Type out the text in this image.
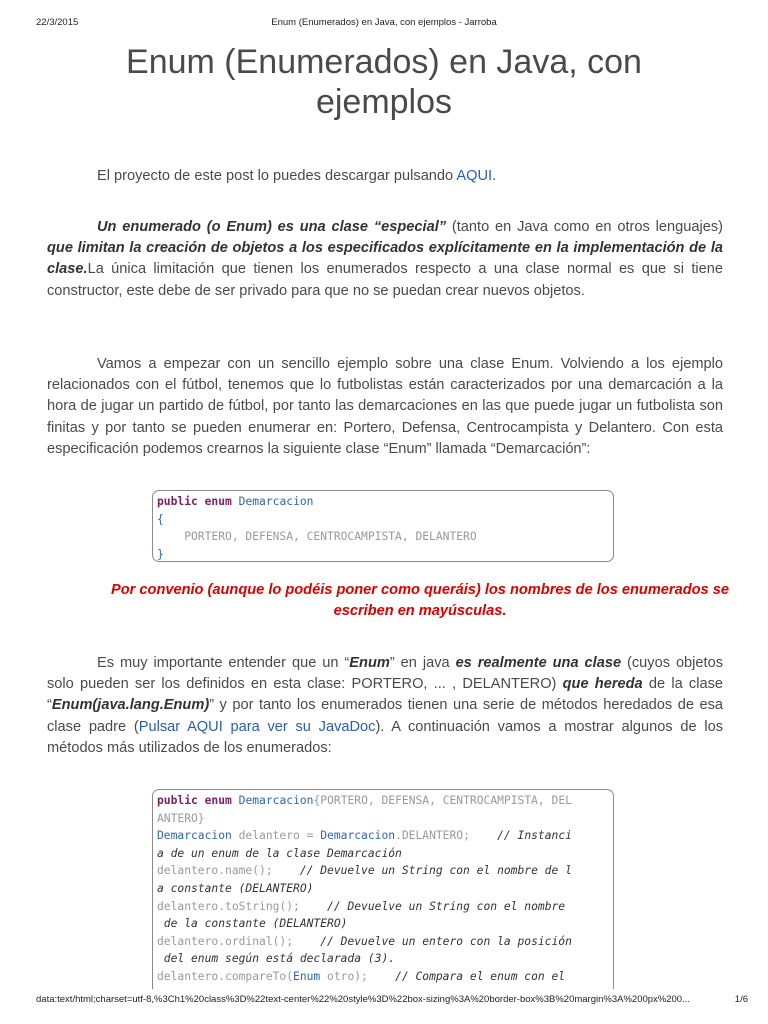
22/3/2015	Enum (Enumerados) en Java, con ejemplos - Jarroba
Enum (Enumerados) en Java, con ejemplos

El proyecto de este post lo puedes descargar pulsando AQUI.

Un enumerado (o Enum) es una clase “especial” (tanto en Java como en otros lenguajes) que limitan la creación de objetos a los especificados explícitamente en la implementación de la clase.La única limitación que tienen los enumerados respecto a una clase normal es que si tiene constructor, este debe de ser privado para que no se puedan crear nuevos objetos.

Vamos a empezar con un sencillo ejemplo sobre una clase Enum. Volviendo a los ejemplo relacionados con el fútbol, tenemos que lo futbolistas están caracterizados por una demarcación a la hora de jugar un partido de fútbol, por tanto las demarcaciones en las que puede jugar un futbolista son finitas y por tanto se pueden enumerar en: Portero, Defensa, Centrocampista y Delantero. Con esta especificación podemos crearnos la siguiente clase “Enum” llamada “Demarcación”:

public enum Demarcacion
{
PORTERO, DEFENSA, CENTROCAMPISTA, DELANTERO
}

Por convenio (aunque lo podéis poner como queráis) los nombres de los enumerados se escriben en mayúsculas.

Es muy importante entender que un “Enum” en java es realmente una clase (cuyos objetos solo pueden ser los definidos en esta clase: PORTERO, ... , DELANTERO) que hereda de la clase “Enum(java.lang.Enum)” y por tanto los enumerados tienen una serie de métodos heredados de esa clase padre (Pulsar AQUI para ver su JavaDoc). A continuación vamos a mostrar algunos de los métodos más utilizados de los enumerados:

public enum Demarcacion{PORTERO, DEFENSA, CENTROCAMPISTA, DEL
ANTERO}
Demarcacion delantero = Demarcacion.DELANTERO;    // Instanci
a de un enum de la clase Demarcación
delantero.name();    // Devuelve un String con el nombre de l
a constante (DELANTERO)
delantero.toString();    // Devuelve un String con el nombre
de la constante (DELANTERO)
delantero.ordinal();    // Devuelve un entero con la posición
del enum según está declarada (3).
delantero.compareTo(Enum otro);    // Compara el enum con el
data:text/html;charset=utf-8,%3Ch1%20class%3D%22text-center%22%20style%3D%22box-sizing%3A%20border-box%3B%20margin%3A%200px%200...	1/6
